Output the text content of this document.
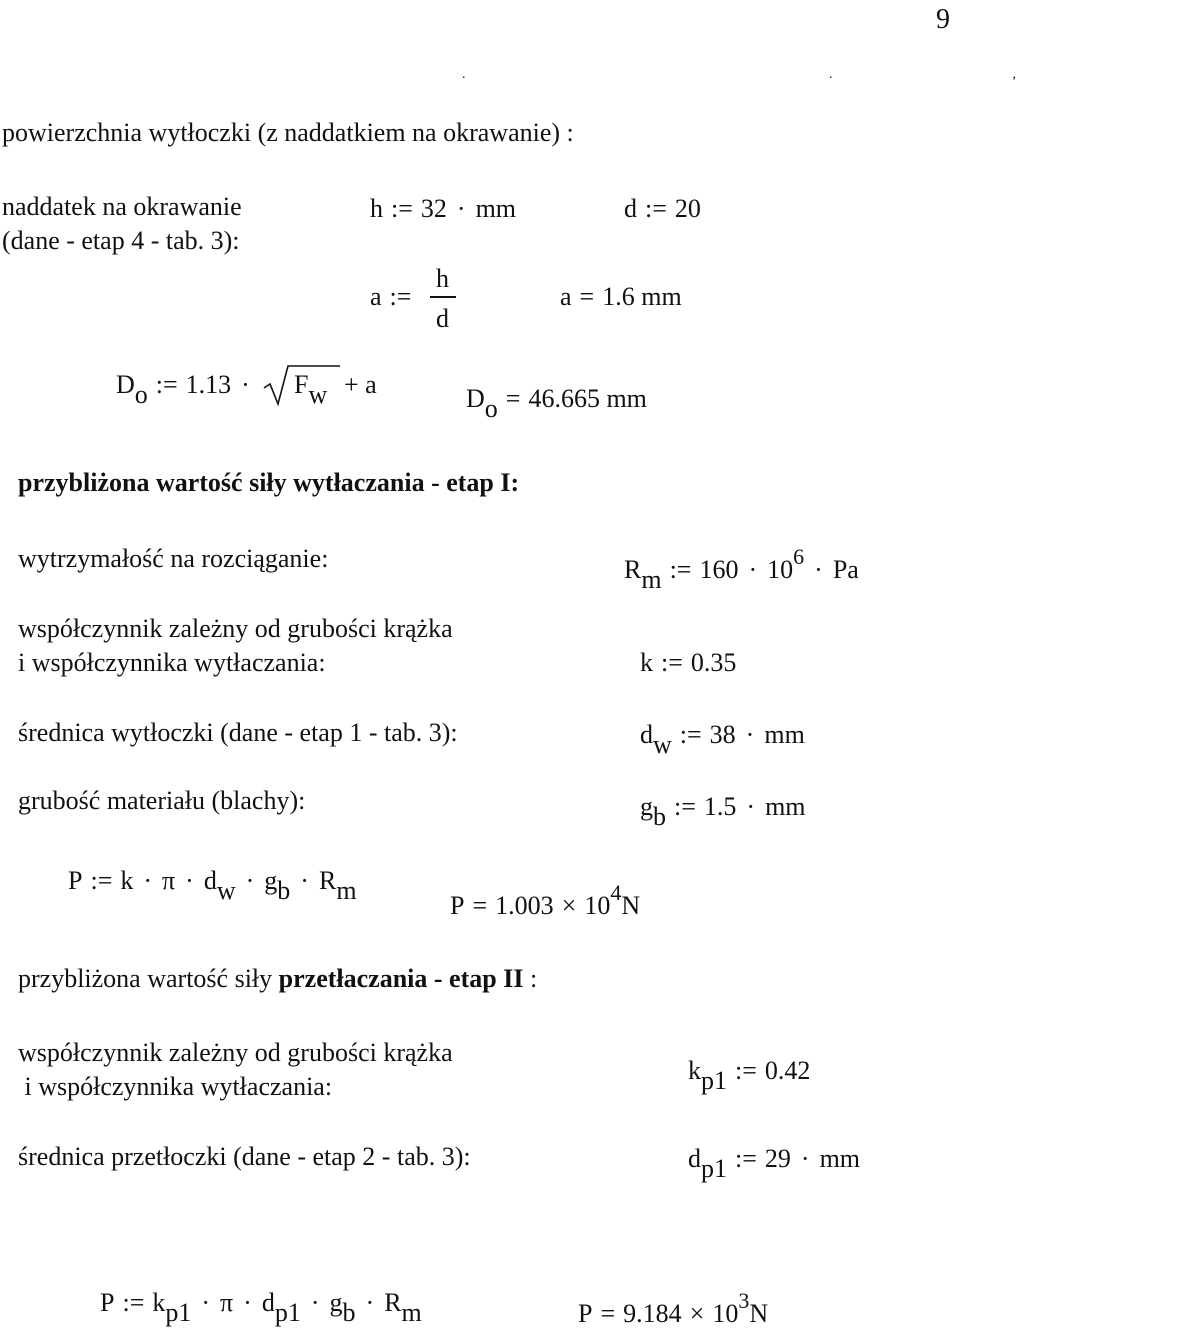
9
. .,
powierzchnia wytłoczki (z naddatkiem na okrawanie) :
naddatek na okrawanie
(dane - etap 4 - tab. 3):
h := 32 · mm	d := 20
a :=
h
d
a = 1.6 mm
$D_o$ := 1.13 ·	$F_w + a$	$D_o = 46.665$ mm
przybliżona wartość siły wytłaczania - etap I:
wytrzymałość na rozciąganie:	$R_m$ := $160 \cdot 10^6 \cdot Pa$
współczynnik zależny od grubości krążka
i współczynnika wytłaczania:	k := 0.35
średnica wytłoczki (dane - etap 1 - tab. 3):	$d_w$ := 38 · mm
grubość materiału (blachy):	$g_b$ := 1.5 · mm
P := $k \cdot \pi \cdot d_w \cdot g_b \cdot R_m$
$P = 1.003 \times 10^4N$
przybliżona wartość siły przetłaczania - etap II :
współczynnik zależny od grubości krążka
i współczynnika wytłaczania:
$k_{p1}$ := 0.42
średnica przetłoczki (dane - etap 2 - tab. 3):	$d_{p1}$ := 29 · mm
P := $k_{p1} \cdot \pi \cdot d_{p1} \cdot g_b \cdot R_m$	$P = 9.184 \times 10^3N$
